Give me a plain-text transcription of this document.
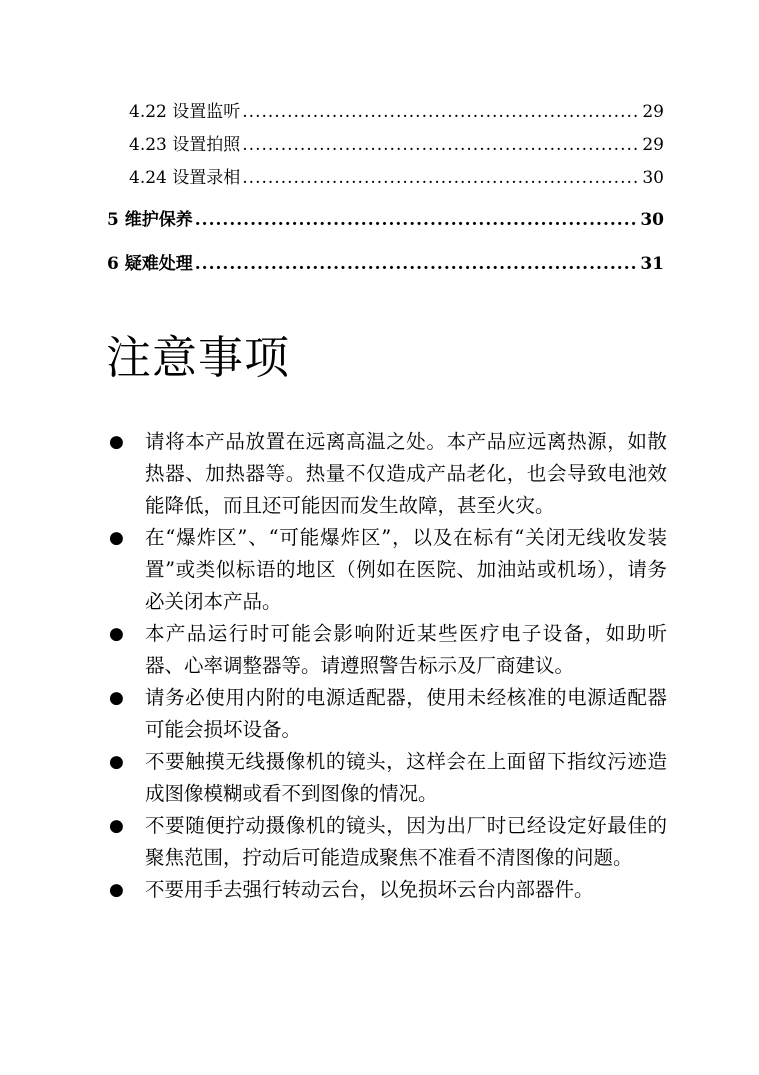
4.22 设置监听 .....	29
4.23 设置拍照 .....	29
4.24 设置录相 .....	30
5 维护保养 .....	30
6 疑难处理 .....	31
注意事项
● 请将本产品放置在远离高温之处。本产品应远离热源，如散热器、加热器等。热量不仅造成产品老化，也会导致电池效能降低，而且还可能因而发生故障，甚至火灾。
● 在“爆炸区”、“可能爆炸区”，以及在标有“关闭无线收发装置”或类似标语的地区（例如在医院、加油站或机场），请务必关闭本产品。
● 本产品运行时可能会影响附近某些医疗电子设备，如助听器、心率调整器等。请遵照警告标示及厂商建议。
● 请务必使用内附的电源适配器，使用未经核准的电源适配器可能会损坏设备。
● 不要触摸无线摄像机的镜头，这样会在上面留下指纹污迹造成图像模糊或看不到图像的情况。
● 不要随便拧动摄像机的镜头，因为出厂时已经设定好最佳的聚焦范围，拧动后可能造成聚焦不准看不清图像的问题。
● 不要用手去强行转动云台，以免损坏云台内部器件。
